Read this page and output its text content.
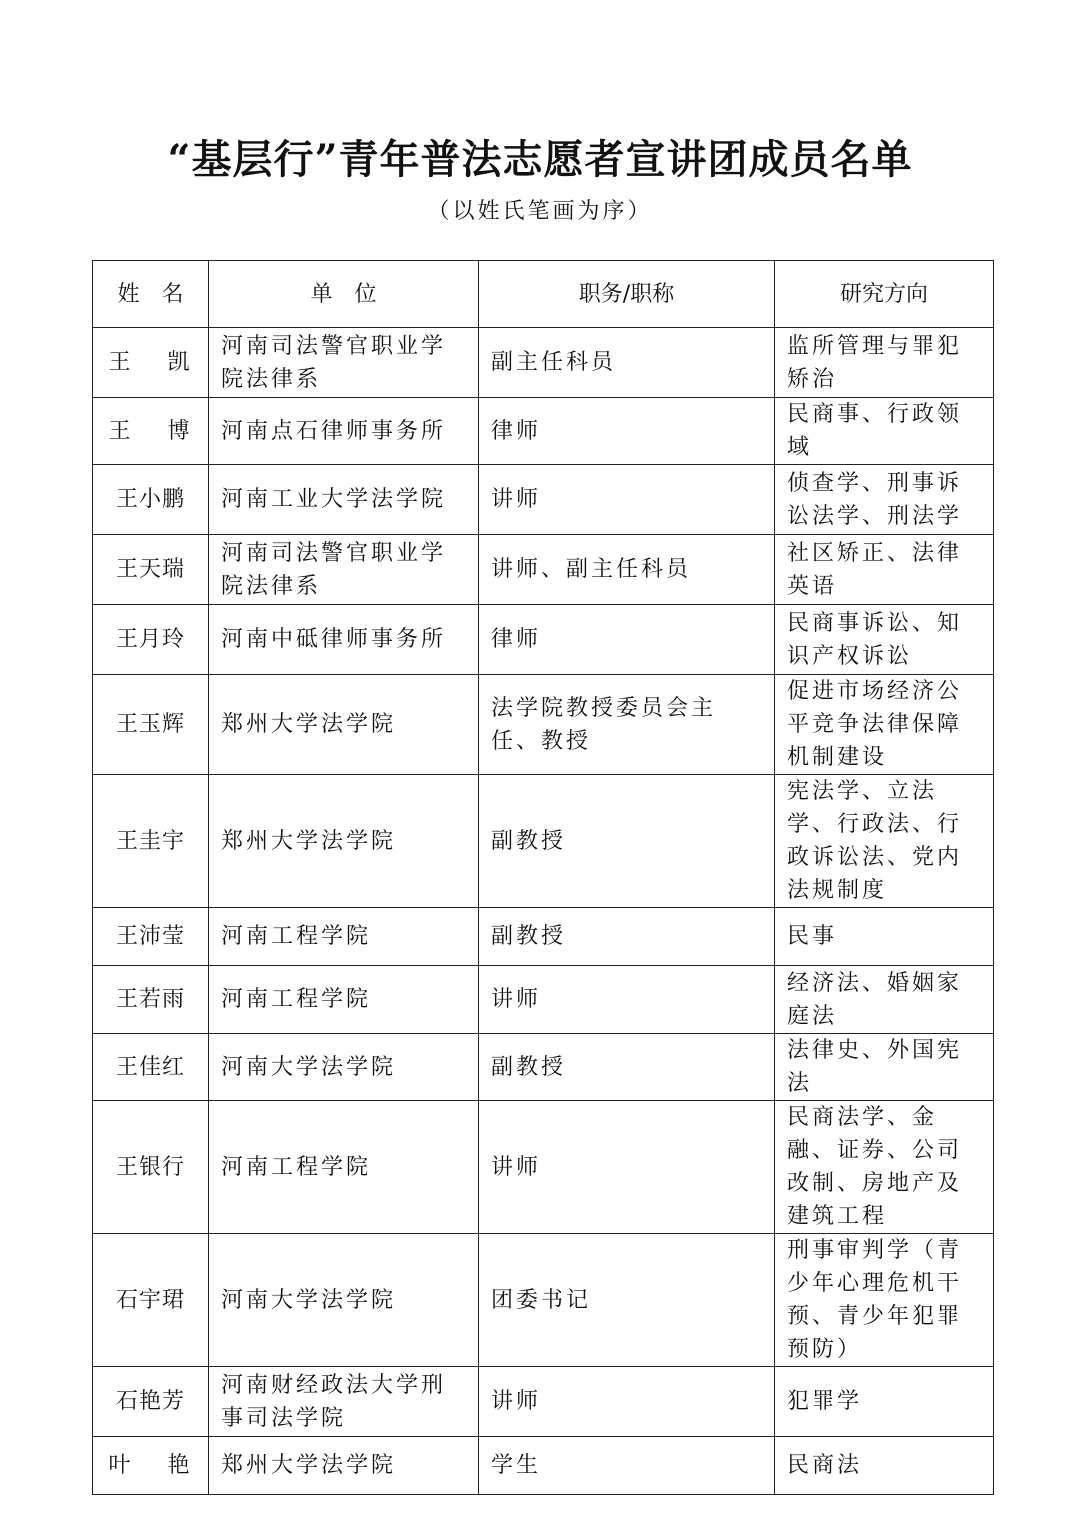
“基层行”青年普法志愿者宣讲团成员名单
（以姓氏笔画为序）
姓　名	单　位	职务/职称	研究方向
王 凯	河南司法警官职业学院法律系	副主任科员	监所管理与罪犯矫治
王 博	河南点石律师事务所	律师	民商事、行政领域
王小鹏	河南工业大学法学院	讲师	侦查学、刑事诉讼法学、刑法学
王天瑞	河南司法警官职业学院法律系	讲师、副主任科员	社区矫正、法律英语
王月玲	河南中砥律师事务所	律师	民商事诉讼、知识产权诉讼
王玉辉	郑州大学法学院	法学院教授委员会主任、教授	促进市场经济公平竞争法律保障机制建设
王圭宇	郑州大学法学院	副教授	宪法学、立法学、行政法、行政诉讼法、党内法规制度
王沛莹	河南工程学院	副教授	民事
王若雨	河南工程学院	讲师	经济法、婚姻家庭法
王佳红	河南大学法学院	副教授	法律史、外国宪法
王银行	河南工程学院	讲师	民商法学、金融、证券、公司改制、房地产及建筑工程
石宇珺	河南大学法学院	团委书记	刑事审判学（青少年心理危机干预、青少年犯罪预防）
石艳芳	河南财经政法大学刑事司法学院	讲师	犯罪学
叶 艳	郑州大学法学院	学生	民商法
